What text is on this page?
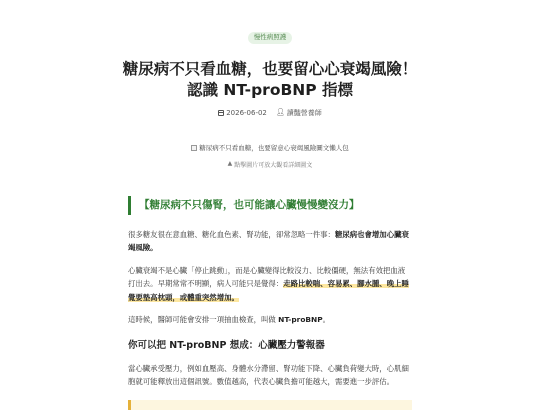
慢性病照護
糖尿病不只看血糖，也要留心心衰竭風險！
認識 NT-proBNP 指標
2026-06-02 👤︎ 讀豔營養師
糖尿病不只看血糖，也要留意心衰竭風險圖文懶人包
▲ 點擊圖片可放大觀看詳細圖文
【糖尿病不只傷腎，也可能讓心臟慢慢變沒力】

很多糖友很在意血糖、糖化血色素、腎功能，卻常忽略一件事：糖尿病也會增加心臟衰竭風險。

心臟衰竭不是心臟「停止跳動」，而是心臟變得比較沒力、比較僵硬，無法有效把血液打出去。早期常常不明顯，病人可能只是覺得：走路比較喘、容易累、腳水腫、晚上睡覺要墊高枕頭，或體重突然增加。

這時候，醫師可能會安排一項抽血檢查，叫做 NT-proBNP。

你可以把 NT-proBNP 想成：心臟壓力警報器

當心臟承受壓力，例如血壓高、身體水分滯留、腎功能下降、心臟負荷變大時，心肌細胞就可能釋放出這個訊號。數值越高，代表心臟負擔可能越大，需要進一步評估。
